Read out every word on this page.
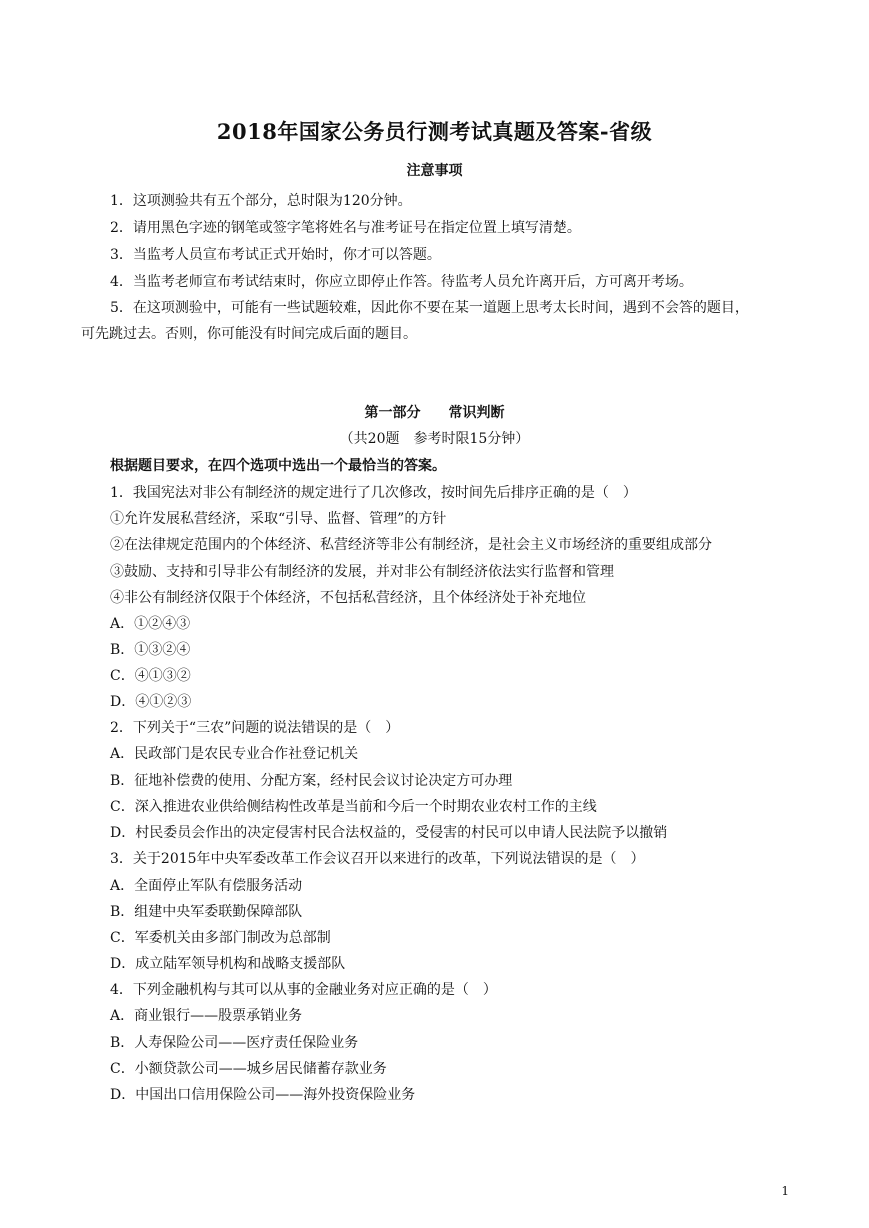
2018年国家公务员行测考试真题及答案-省级
注意事项
1．这项测验共有五个部分，总时限为120分钟。
2．请用黑色字迹的钢笔或签字笔将姓名与准考证号在指定位置上填写清楚。
3．当监考人员宣布考试正式开始时，你才可以答题。
4．当监考老师宣布考试结束时，你应立即停止作答。待监考人员允许离开后，方可离开考场。
5．在这项测验中，可能有一些试题较难，因此你不要在某一道题上思考太长时间，遇到不会答的题目，
可先跳过去。否则，你可能没有时间完成后面的题目。
第一部分　　常识判断
（共20题　参考时限15分钟）
根据题目要求，在四个选项中选出一个最恰当的答案。
1．我国宪法对非公有制经济的规定进行了几次修改，按时间先后排序正确的是（　）
①允许发展私营经济，采取“引导、监督、管理”的方针
②在法律规定范围内的个体经济、私营经济等非公有制经济，是社会主义市场经济的重要组成部分
③鼓励、支持和引导非公有制经济的发展，并对非公有制经济依法实行监督和管理
④非公有制经济仅限于个体经济，不包括私营经济，且个体经济处于补充地位
A．①②④③
B．①③②④
C．④①③②
D．④①②③
2．下列关于“三农”问题的说法错误的是（　）
A．民政部门是农民专业合作社登记机关
B．征地补偿费的使用、分配方案，经村民会议讨论决定方可办理
C．深入推进农业供给侧结构性改革是当前和今后一个时期农业农村工作的主线
D．村民委员会作出的决定侵害村民合法权益的，受侵害的村民可以申请人民法院予以撤销
3．关于2015年中央军委改革工作会议召开以来进行的改革，下列说法错误的是（　）
A．全面停止军队有偿服务活动
B．组建中央军委联勤保障部队
C．军委机关由多部门制改为总部制
D．成立陆军领导机构和战略支援部队
4．下列金融机构与其可以从事的金融业务对应正确的是（　）
A．商业银行——股票承销业务
B．人寿保险公司——医疗责任保险业务
C．小额贷款公司——城乡居民储蓄存款业务
D．中国出口信用保险公司——海外投资保险业务
1
